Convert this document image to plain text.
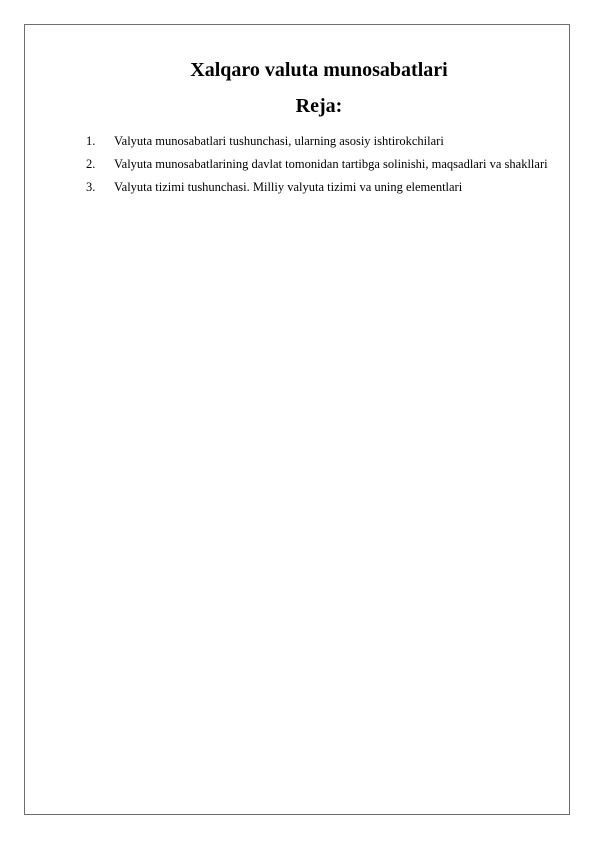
Xalqaro valuta munosabatlari
Reja:
1. Valyuta munosabatlari tushunchasi, ularning asosiy ishtirokchilari
2. Valyuta munosabatlarining davlat tomonidan tartibga solinishi, maqsadlari va shakllari
3. Valyuta tizimi tushunchasi. Milliy valyuta tizimi va uning elementlari
